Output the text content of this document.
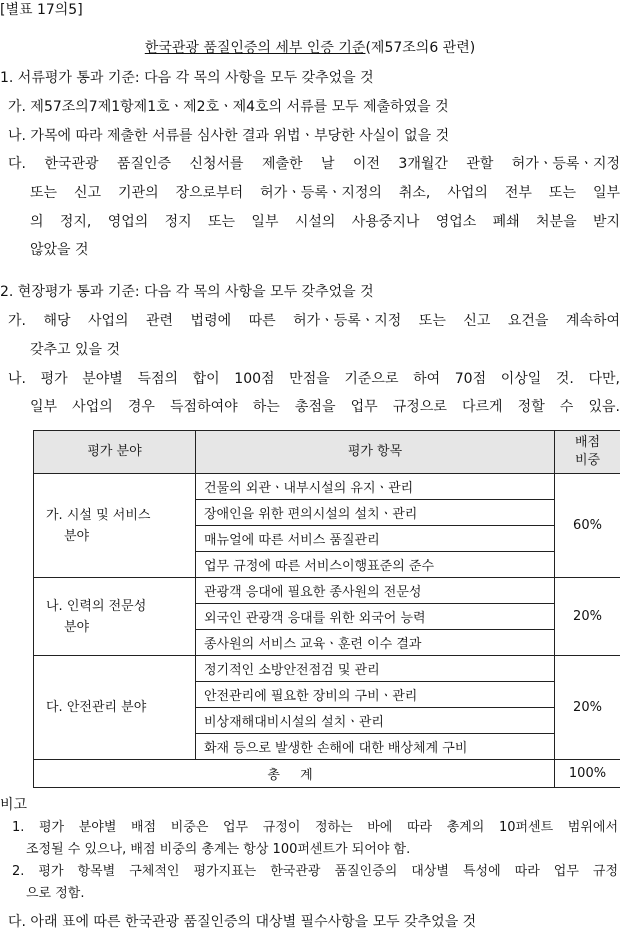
[별표 17의5]
한국관광 품질인증의 세부 인증 기준(제57조의6 관련)
1. 서류평가 통과 기준: 다음 각 목의 사항을 모두 갖추었을 것
가. 제57조의7제1항제1호ㆍ제2호ㆍ제4호의 서류를 모두 제출하였을 것
나. 가목에 따라 제출한 서류를 심사한 결과 위법ㆍ부당한 사실이 없을 것
다. 한국관광 품질인증 신청서를 제출한 날 이전 3개월간 관할 허가ㆍ등록ㆍ지정
또는 신고 기관의 장으로부터 허가ㆍ등록ㆍ지정의 취소, 사업의 전부 또는 일부
의 정지, 영업의 정지 또는 일부 시설의 사용중지나 영업소 폐쇄 처분을 받지
않았을 것
2. 현장평가 통과 기준: 다음 각 목의 사항을 모두 갖추었을 것
가. 해당 사업의 관련 법령에 따른 허가ㆍ등록ㆍ지정 또는 신고 요건을 계속하여
갖추고 있을 것
나. 평가 분야별 득점의 합이 100점 만점을 기준으로 하여 70점 이상일 것. 다만,
일부 사업의 경우 득점하여야 하는 총점을 업무 규정으로 다르게 정할 수 있음.
평가 분야	평가 항목	배점
비중
가. 시설 및 서비스
분야	건물의 외관ㆍ내부시설의 유지ㆍ관리	60%
	장애인을 위한 편의시설의 설치ㆍ관리	
	매뉴얼에 따른 서비스 품질관리	
	업무 규정에 따른 서비스이행표준의 준수	
나. 인력의 전문성
분야	관광객 응대에 필요한 종사원의 전문성	20%
	외국인 관광객 응대를 위한 외국어 능력	
	종사원의 서비스 교육ㆍ훈련 이수 결과	
다. 안전관리 분야	정기적인 소방안전점검 및 관리	20%
	안전관리에 필요한 장비의 구비ㆍ관리	
	비상재해대비시설의 설치ㆍ관리	
	화재 등으로 발생한 손해에 대한 배상체계 구비	
총 계		100%
비고
1. 평가 분야별 배점 비중은 업무 규정이 정하는 바에 따라 총계의 10퍼센트 범위에서
조정될 수 있으나, 배점 비중의 총계는 항상 100퍼센트가 되어야 함.
2. 평가 항목별 구체적인 평가지표는 한국관광 품질인증의 대상별 특성에 따라 업무 규정
으로 정함.
다. 아래 표에 따른 한국관광 품질인증의 대상별 필수사항을 모두 갖추었을 것
